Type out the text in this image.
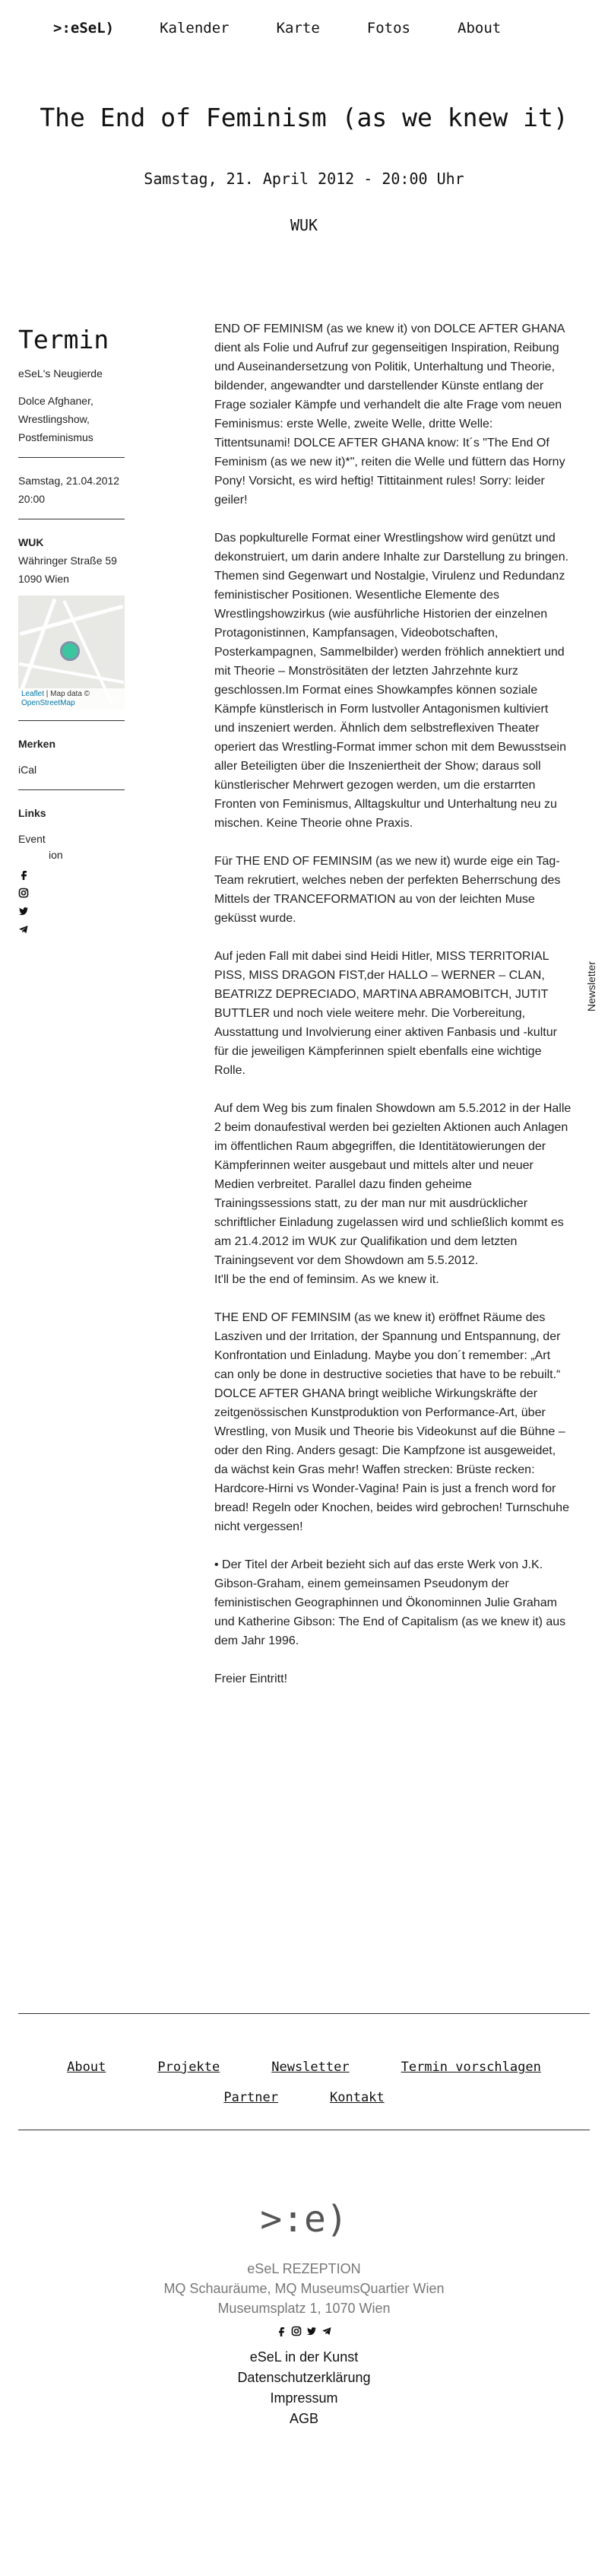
>:eSeL)	Kalender	Karte	Fotos	About
The End of Feminism (as we knew it)
Samstag, 21. April 2012 - 20:00 Uhr
WUK
Termin
eSeL's Neugierde
Dolce Afghaner, Wrestlingshow, Postfeminismus
Samstag, 21.04.2012 20:00
WUK
Währinger Straße 59
1090 Wien
Leaflet | Map data ©
OpenStreetMap
Merken
iCal
Links
Event
ion

END OF FEMINISM (as we knew it) von DOLCE AFTER GHANA dient als Folie und Aufruf zur gegenseitigen Inspiration, Reibung und Auseinandersetzung von Politik, Unterhaltung und Theorie, bildender, angewandter und darstellender Künste entlang der Frage sozialer Kämpfe und verhandelt die alte Frage vom neuen Feminismus: erste Welle, zweite Welle, dritte Welle: Tittentsunami! DOLCE AFTER GHANA know: It´s "The End Of Feminism (as we new it)*", reiten die Welle und füttern das Horny Pony! Vorsicht, es wird heftig! Tittitainment rules! Sorry: leider geiler!

Das popkulturelle Format einer Wrestlingshow wird genützt und dekonstruiert, um darin andere Inhalte zur Darstellung zu bringen. Themen sind Gegenwart und Nostalgie, Virulenz und Redundanz feministischer Positionen. Wesentliche Elemente des Wrestlingshowzirkus (wie ausführliche Historien der einzelnen Protagonistinnen, Kampfansagen, Videobotschaften, Posterkampagnen, Sammelbilder) werden fröhlich annektiert und mit Theorie – Monströsitäten der letzten Jahrzehnte kurz geschlossen.Im Format eines Showkampfes können soziale Kämpfe künstlerisch in Form lustvoller Antagonismen kultiviert und inszeniert werden. Ähnlich dem selbstreflexiven Theater operiert das Wrestling-Format immer schon mit dem Bewusstsein aller Beteiligten über die Inszeniertheit der Show; daraus soll künstlerischer Mehrwert gezogen werden, um die erstarrten Fronten von Feminismus, Alltagskultur und Unterhaltung neu zu mischen. Keine Theorie ohne Praxis.

Für THE END OF FEMINSIM (as we new it) wurde eige ein Tag-Team rekrutiert, welches neben der perfekten Beherrschung des Mittels der TRANCEFORMATION au von der leichten Muse geküsst wurde.

Auf jeden Fall mit dabei sind Heidi Hitler, MISS TERRITORIAL PISS, MISS DRAGON FIST,der HALLO – WERNER – CLAN, BEATRIZZ DEPRECIADO, MARTINA ABRAMOBITCH, JUTIT BUTTLER und noch viele weitere mehr. Die Vorbereitung, Ausstattung und Involvierung einer aktiven Fanbasis und -kultur für die jeweiligen Kämpferinnen spielt ebenfalls eine wichtige Rolle.

Auf dem Weg bis zum finalen Showdown am 5.5.2012 in der Halle 2 beim donaufestival werden bei gezielten Aktionen auch Anlagen im öffentlichen Raum abgegriffen, die Identitätowierungen der Kämpferinnen weiter ausgebaut und mittels alter und neuer Medien verbreitet. Parallel dazu finden geheime Trainingssessions statt, zu der man nur mit ausdrücklicher schriftlicher Einladung zugelassen wird und schließlich kommt es am 21.4.2012 im WUK zur Qualifikation und dem letzten Trainingsevent vor dem Showdown am 5.5.2012.
It'll be the end of feminsim. As we knew it.

THE END OF FEMINSIM (as we knew it) eröffnet Räume des Lasziven und der Irritation, der Spannung und Entspannung, der Konfrontation und Einladung. Maybe you don´t remember: „Art can only be done in destructive societies that have to be rebuilt.“ DOLCE AFTER GHANA bringt weibliche Wirkungskräfte der zeitgenössischen Kunstproduktion von Performance-Art, über Wrestling, von Musik und Theorie bis Videokunst auf die Bühne – oder den Ring. Anders gesagt: Die Kampfzone ist ausgeweidet, da wächst kein Gras mehr! Waffen strecken: Brüste recken: Hardcore-Hirni vs Wonder-Vagina! Pain is just a french word for bread! Regeln oder Knochen, beides wird gebrochen! Turnschuhe nicht vergessen!

• Der Titel der Arbeit bezieht sich auf das erste Werk von J.K. Gibson-Graham, einem gemeinsamen Pseudonym der feministischen Geographinnen und Ökonominnen Julie Graham und Katherine Gibson: The End of Capitalism (as we knew it) aus dem Jahr 1996.

Freier Eintritt!

Newsletter
About	Projekte	Newsletter	Termin vorschlagen
Partner	Kontakt
>:e)
eSeL REZEPTION
MQ Schauräume, MQ MuseumsQuartier Wien
Museumsplatz 1, 1070 Wien
eSeL in der Kunst
Datenschutzerklärung
Impressum
AGB
